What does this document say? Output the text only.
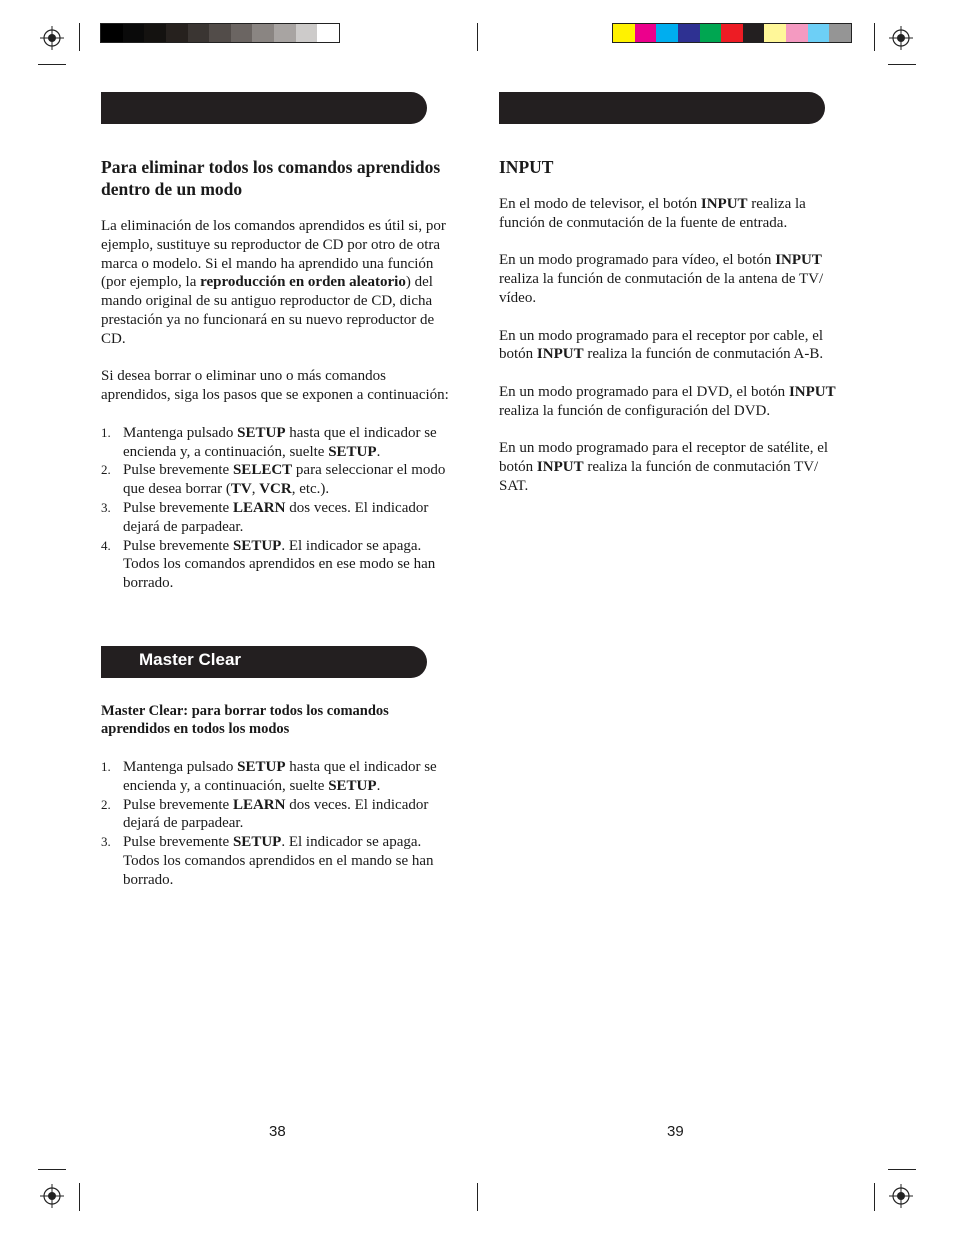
Para eliminar todos los comandos aprendidos dentro de un modo

La eliminación de los comandos aprendidos es útil si, por ejemplo, sustituye su reproductor de CD por otro de otra marca o modelo. Si el mando ha aprendido una función (por ejemplo, la reproducción en orden aleatorio) del mando original de su antiguo reproductor de CD, dicha prestación ya no funcionará en su nuevo reproductor de CD.

Si desea borrar o eliminar uno o más comandos aprendidos, siga los pasos que se exponen a continuación:

1. Mantenga pulsado SETUP hasta que el indicador se encienda y, a continuación, suelte SETUP.
2. Pulse brevemente SELECT para seleccionar el modo que desea borrar (TV, VCR, etc.).
3. Pulse brevemente LEARN dos veces. El indicador dejará de parpadear.
4. Pulse brevemente SETUP. El indicador se apaga. Todos los comandos aprendidos en ese modo se han borrado.
Master Clear

Master Clear: para borrar todos los comandos aprendidos en todos los modos

1. Mantenga pulsado SETUP hasta que el indicador se encienda y, a continuación, suelte SETUP.
2. Pulse brevemente LEARN dos veces. El indicador dejará de parpadear.
3. Pulse brevemente SETUP. El indicador se apaga. Todos los comandos aprendidos en el mando se han borrado.
38
INPUT

En el modo de televisor, el botón INPUT realiza la función de conmutación de la fuente de entrada.

En un modo programado para vídeo, el botón INPUT realiza la función de conmutación de la antena de TV/ vídeo.

En un modo programado para el receptor por cable, el botón INPUT realiza la función de conmutación A-B.

En un modo programado para el DVD, el botón INPUT realiza la función de configuración del DVD.

En un modo programado para el receptor de satélite, el botón INPUT realiza la función de conmutación TV/ SAT.

39
